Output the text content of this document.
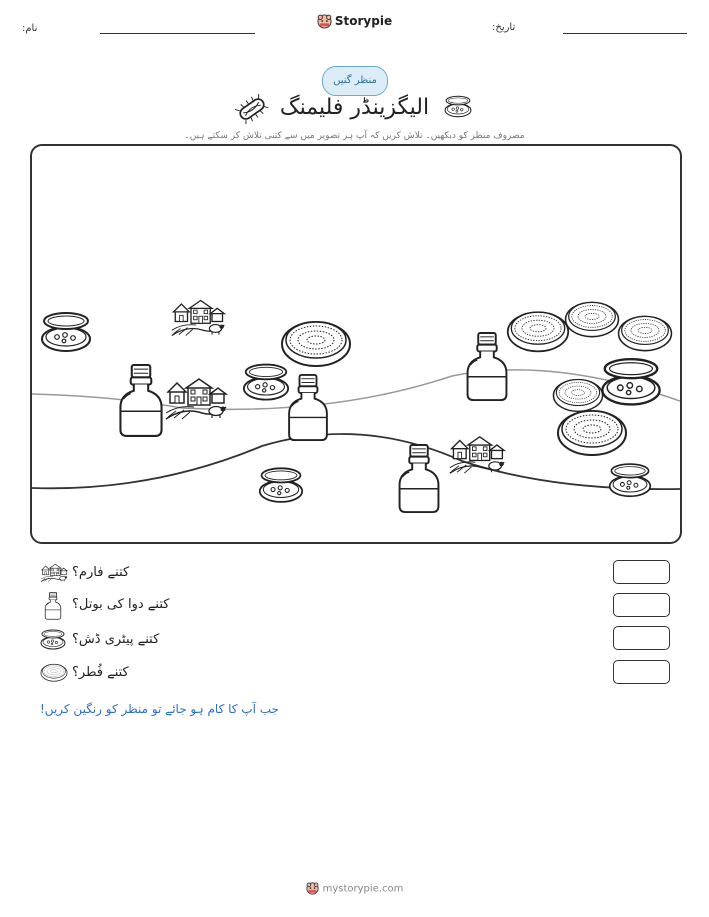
نام:
Storypie	تاریخ:
منظر گنیں
الیگزینڈر فلیمنگ
مصروف منظر کو دیکھیں۔ تلاش کریں کہ آپ ہر تصویر میں سے کتنی تلاش کر سکتے ہیں۔
کتنے فارم؟
کتنے دوا کی بوتل؟
کتنے پیٹری ڈش؟
کتنے فُطر؟
جب آپ کا کام ہو جائے تو منظر کو رنگین کریں!
mystorypie.com
